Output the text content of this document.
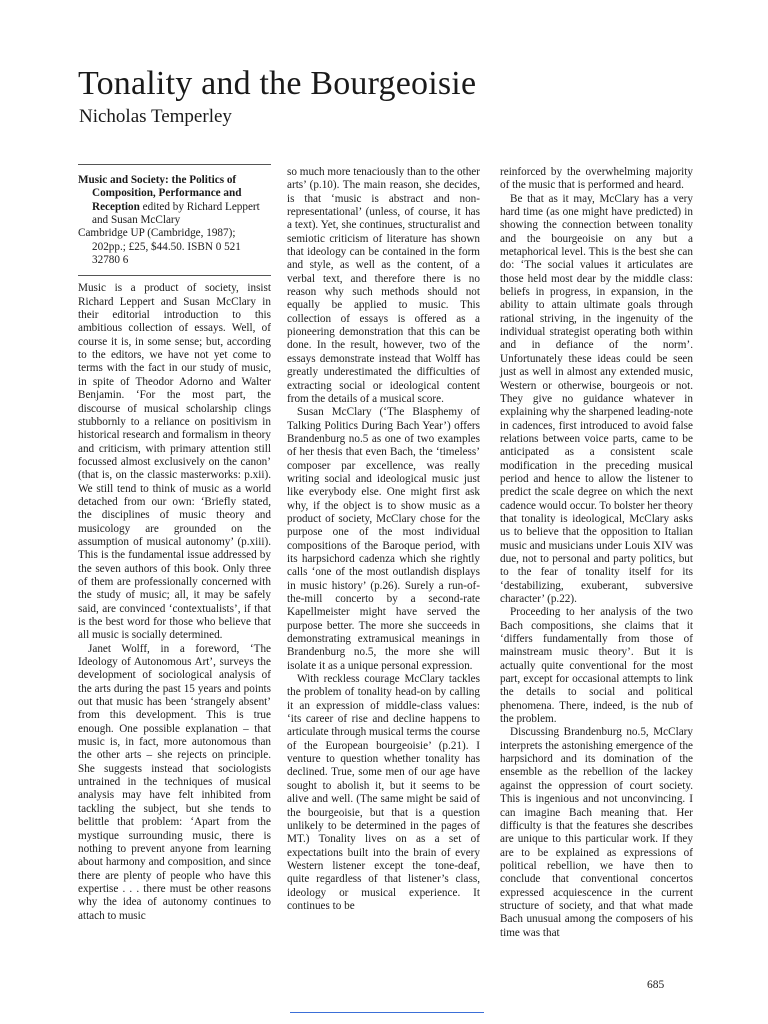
Tonality and the Bourgeoisie
Nicholas Temperley

Music and Society: the Politics of Composition, Performance and Reception edited by Richard Leppert and Susan McClary

Cambridge UP (Cambridge, 1987); 202pp.; £25, $44.50. ISBN 0 521 32780 6

Music is a product of society, insist Richard Leppert and Susan McClary in their editorial introduction to this ambitious collection of essays. Well, of course it is, in some sense; but, according to the editors, we have not yet come to terms with the fact in our study of music, in spite of Theodor Adorno and Walter Benjamin. ‘For the most part, the discourse of musical scholarship clings stubbornly to a reliance on positivism in historical research and formalism in theory and criticism, with primary attention still focussed almost exclusively on the canon’ (that is, on the classic masterworks: p.xii). We still tend to think of music as a world detached from our own: ‘Briefly stated, the disciplines of music theory and musicology are grounded on the assumption of musical autonomy’ (p.xiii). This is the fundamental issue addressed by the seven authors of this book. Only three of them are professionally concerned with the study of music; all, it may be safely said, are convinced ‘contextualists’, if that is the best word for those who believe that all music is socially determined.

Janet Wolff, in a foreword, ‘The Ideology of Autonomous Art’, surveys the development of sociological analysis of the arts during the past 15 years and points out that music has been ‘strangely absent’ from this development. This is true enough. One possible explanation – that music is, in fact, more autonomous than the other arts – she rejects on principle. She suggests instead that sociologists untrained in the techniques of musical analysis may have felt inhibited from tackling the subject, but she tends to belittle that problem: ‘Apart from the mystique surrounding music, there is nothing to prevent anyone from learning about harmony and composition, and since there are plenty of people who have this expertise . . . there must be other reasons why the idea of autonomy continues to attach to music

so much more tenaciously than to the other arts’ (p.10). The main reason, she decides, is that ‘music is abstract and non-representational’ (unless, of course, it has a text). Yet, she continues, structuralist and semiotic criticism of literature has shown that ideology can be contained in the form and style, as well as the content, of a verbal text, and therefore there is no reason why such methods should not equally be applied to music. This collection of essays is offered as a pioneering demonstration that this can be done. In the result, however, two of the essays demonstrate instead that Wolff has greatly underestimated the difficulties of extracting social or ideological content from the details of a musical score.

Susan McClary (‘The Blasphemy of Talking Politics During Bach Year’) offers Brandenburg no.5 as one of two examples of her thesis that even Bach, the ‘timeless’ composer par excellence, was really writing social and ideological music just like everybody else. One might first ask why, if the object is to show music as a product of society, McClary chose for the purpose one of the most individual compositions of the Baroque period, with its harpsichord cadenza which she rightly calls ‘one of the most outlandish displays in music history’ (p.26). Surely a run-of-the-mill concerto by a second-rate Kapellmeister might have served the purpose better. The more she succeeds in demonstrating extramusical meanings in Brandenburg no.5, the more she will isolate it as a unique personal expression.

With reckless courage McClary tackles the problem of tonality head-on by calling it an expression of middle-class values: ‘its career of rise and decline happens to articulate through musical terms the course of the European bourgeoisie’ (p.21). I venture to question whether tonality has declined. True, some men of our age have sought to abolish it, but it seems to be alive and well. (The same might be said of the bourgeoisie, but that is a question unlikely to be determined in the pages of MT.) Tonality lives on as a set of expectations built into the brain of every Western listener except the tone-deaf, quite regardless of that listener’s class, ideology or musical experience. It continues to be

reinforced by the overwhelming majority of the music that is performed and heard.

Be that as it may, McClary has a very hard time (as one might have predicted) in showing the connection between tonality and the bourgeoisie on any but a metaphorical level. This is the best she can do: ‘The social values it articulates are those held most dear by the middle class: beliefs in progress, in expansion, in the ability to attain ultimate goals through rational striving, in the ingenuity of the individual strategist operating both within and in defiance of the norm’. Unfortunately these ideas could be seen just as well in almost any extended music, Western or otherwise, bourgeois or not. They give no guidance whatever in explaining why the sharpened leading-note in cadences, first introduced to avoid false relations between voice parts, came to be anticipated as a consistent scale modification in the preceding musical period and hence to allow the listener to predict the scale degree on which the next cadence would occur. To bolster her theory that tonality is ideological, McClary asks us to believe that the opposition to Italian music and musicians under Louis XIV was due, not to personal and party politics, but to the fear of tonality itself for its ‘destabilizing, exuberant, subversive character’ (p.22).

Proceeding to her analysis of the two Bach compositions, she claims that it ‘differs fundamentally from those of mainstream music theory’. But it is actually quite conventional for the most part, except for occasional attempts to link the details to social and political phenomena. There, indeed, is the nub of the problem.

Discussing Brandenburg no.5, McClary interprets the astonishing emergence of the harpsichord and its domination of the ensemble as the rebellion of the lackey against the oppression of court society. This is ingenious and not unconvincing. I can imagine Bach meaning that. Her difficulty is that the features she describes are unique to this particular work. If they are to be explained as expressions of political rebellion, we have then to conclude that conventional concertos expressed acquiescence in the current structure of society, and that what made Bach unusual among the composers of his time was that

685
